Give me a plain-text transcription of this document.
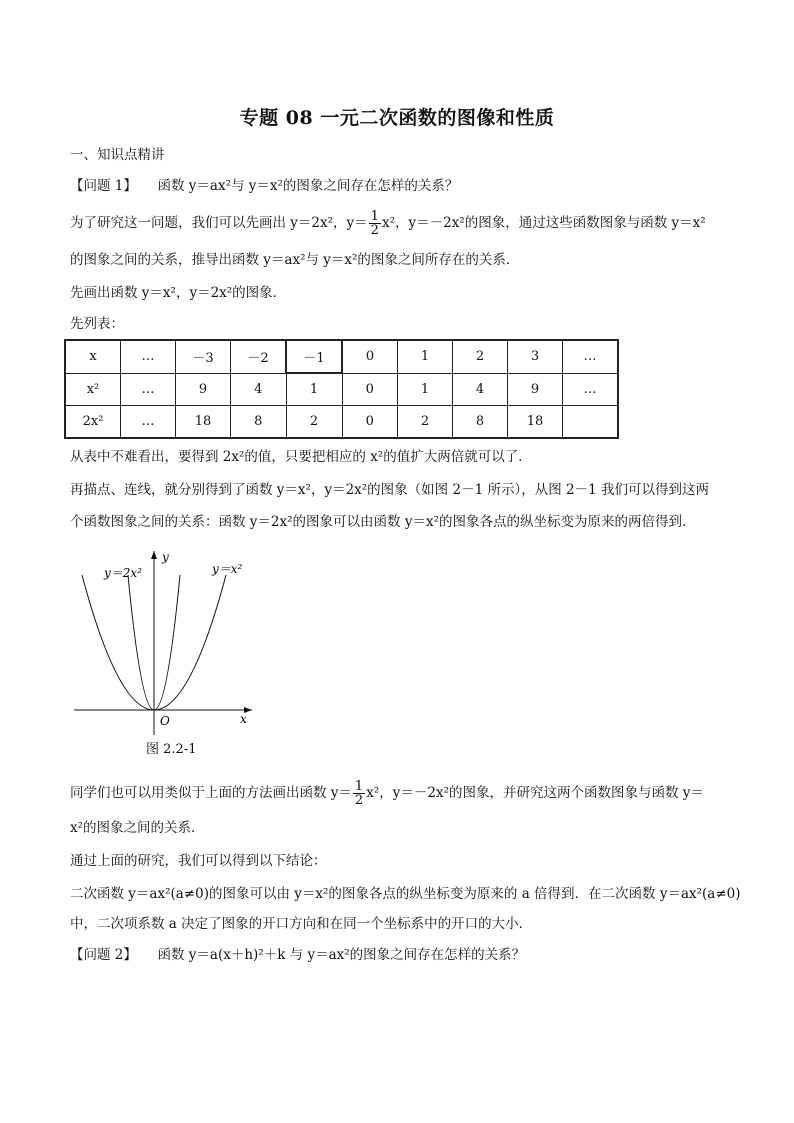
专题 08 一元二次函数的图像和性质
一、知识点精讲
【问题 1】 函数 y＝ax²与 y＝x²的图象之间存在怎样的关系？
为了研究这一问题，我们可以先画出 y＝2x²，$y= \frac{1}{2} x^2$，y＝－2x²的图象，通过这些函数图象与函数 y＝x²
的图象之间的关系，推导出函数 y＝ax²与 y＝x²的图象之间所存在的关系．
先画出函数 y＝x²，y＝2x²的图象．
先列表：
x	…	－3	－2	－1	0	1	2	3	…
x²	…	9	4	1	0	1	4	9	…
2x²	…	18	8	2	0	2	8	18	
从表中不难看出，要得到 2x²的值，只要把相应的 x²的值扩大两倍就可以了．
再描点、连线，就分别得到了函数 y＝x²，y＝2x²的图象（如图 2－1 所示），从图 2－1 我们可以得到这两
个函数图象之间的关系：函数 y＝2x²的图象可以由函数 y＝x²的图象各点的纵坐标变为原来的两倍得到．
y＝2x²	y＝x²
y
x
O
图 2.2-1
同学们也可以用类似于上面的方法画出函数 $y= \frac{1}{2} x^2$，y＝－2x²的图象，并研究这两个函数图象与函数 y＝
x²的图象之间的关系．
通过上面的研究，我们可以得到以下结论：
二次函数 y＝ax²(a≠0)的图象可以由 y＝x²的图象各点的纵坐标变为原来的 a 倍得到．在二次函数 y＝ax²(a≠0)
中，二次项系数 a 决定了图象的开口方向和在同一个坐标系中的开口的大小．
【问题 2】 函数 y＝a(x＋h)²＋k 与 y＝ax²的图象之间存在怎样的关系？
